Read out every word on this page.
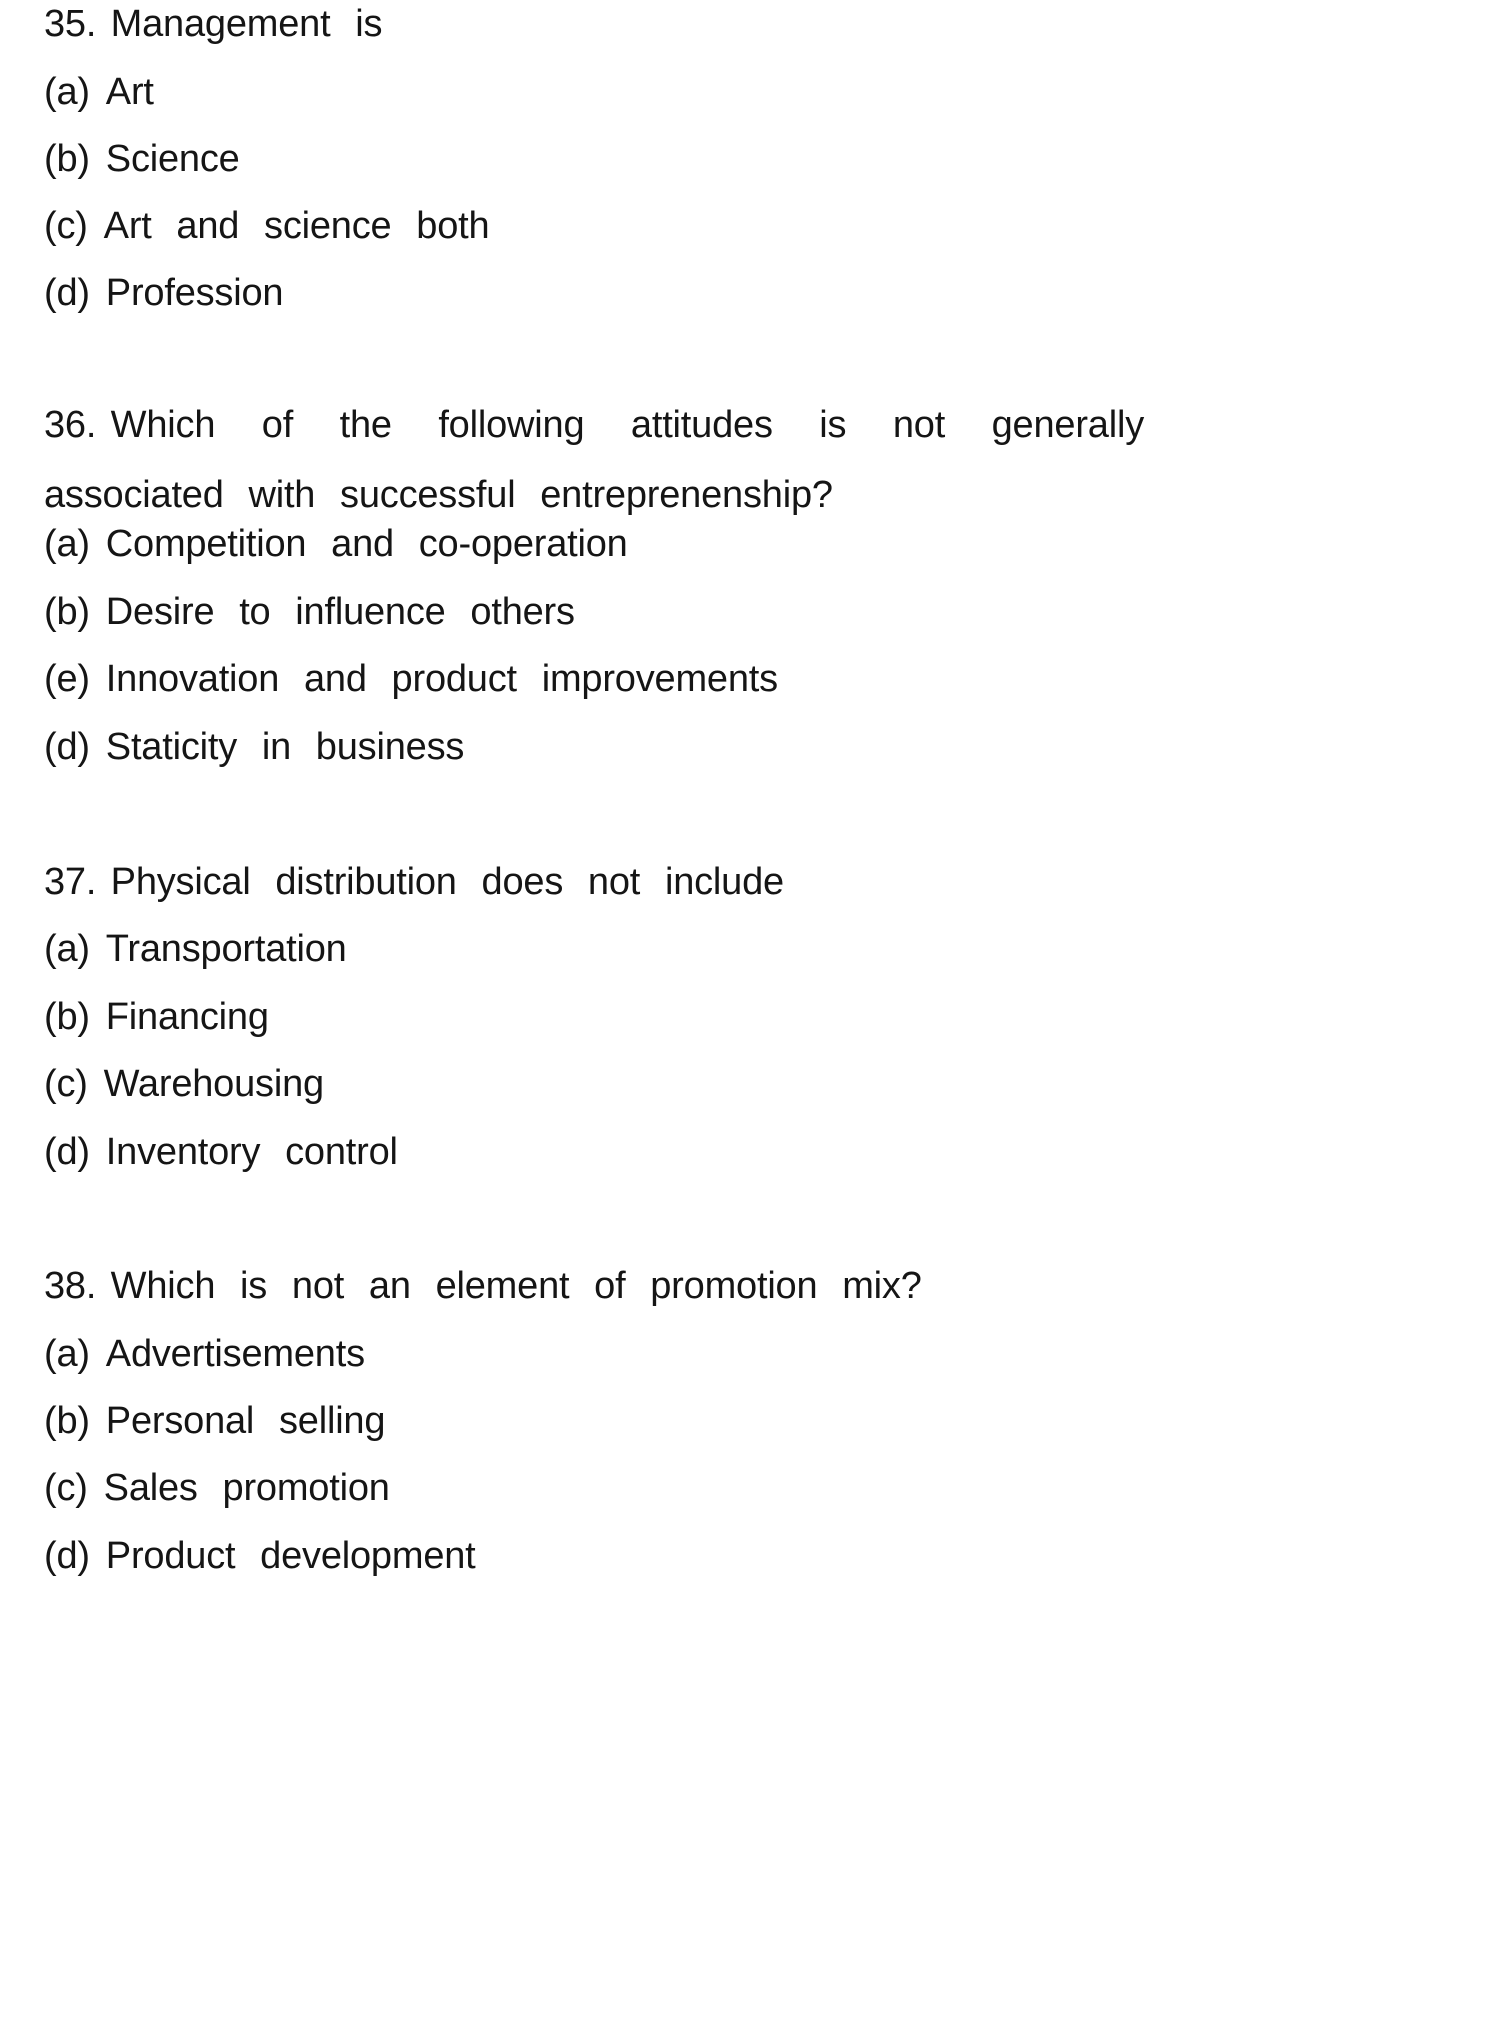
35. Management is
(a) Art
(b) Science
(c) Art and science both
(d) Profession
36. Which of the following attitudes is not generally associated with successful entreprenenship?
(a) Competition and co-operation
(b) Desire to influence others
(e) Innovation and product improvements
(d) Staticity in business
37. Physical distribution does not include
(a) Transportation
(b) Financing
(c) Warehousing
(d) Inventory control
38. Which is not an element of promotion mix?
(a) Advertisements
(b) Personal selling
(c) Sales promotion
(d) Product development
